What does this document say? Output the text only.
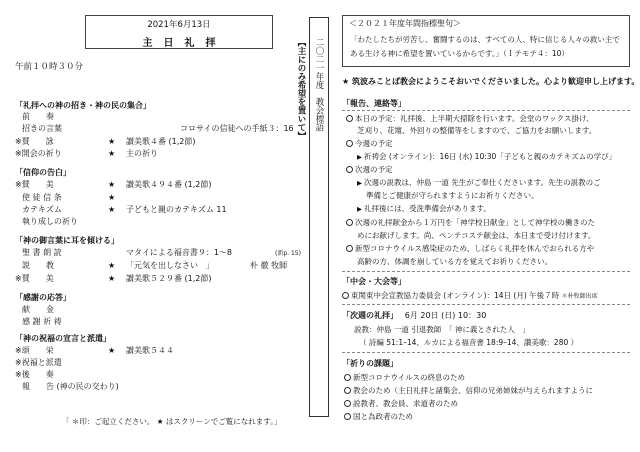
2021年6月13日
主日礼拝
午前１０時３０分
「礼拝への神の招き・神の民の集合」
前　　奏
招きの言葉	コロサイの信徒への手紙３：16
※賛　　詠	★ 讃美歌４番 (1,2節)
※開会の祈り	★ 主の祈り
「信仰の告白」
※賛　　美	★ 讃美歌４９４番 (1,2節)
使 徒 信 条	★
カテキズム	★ 子どもと親のカテキズム 11
執り成しの祈り
「神の御言葉に耳を傾ける」
聖 書 朗 読	マタイによる福音書９：1～8	(新p. 15)
説　　教	★ 「元気を出しなさい　」	朴 徹 牧師
※賛　　美	★ 讃美歌５２９番 (1,2節)
「感謝の応答」
献　　金
感 謝 祈 祷
「神の祝福の宣言と派遣」
※頌　　栄	★ 讃美歌５４４
※祝福と派遣
※後　　奏
報　　告 (神の民の交わり)
「 ＊印：ご起立ください。 ★ はスクリーンでご覧になれます。」
二〇二一年度　教会標語
【主にのみ希望を置いて】
＜２０２１年度年間指標聖句＞
「わたしたちが労苦し、奮闘するのは、すべての人、特に信じる人々の救い主である生ける神に希望を置いているからです。」（Ｉテモテ４：10）
★ 筑波みことば教会にようこそおいでくださいました。心より歓迎申し上げます。
「報告、連絡等」
本日の予定：礼拝後、上半期大掃除を行います。会堂のワックス掛け、
芝刈り、花壇、外回りの整備等をしますので、ご協力をお願いします。
今週の予定
▶ 祈祷会 (オンライン)：16日 (水) 10:30「子どもと親のカテキズムの学び」
次週の予定
▶ 次週の説教は、仲島 一道 先生がご奉仕くださいます。先生の説教のご
準備とご健康が守られますようにお祈りください。
▶ 礼拝後には、受洗準備会があります。
次週の礼拝献金から１万円を「神学校日献金」として神学校の働きのた
めにお献げします。尚、ペンテコステ献金は、本日まで受け付けます。
新型コロナウイルス感染症のため、しばらく礼拝を休んでおられる方や
高齢の方、体調を崩している方を覚えてお祈りください。
「中会・大会等」
東関東中会宣教協力委員会 (オンライン)：14日 (月) 午後７時 ＊朴牧師出席
「次週の礼拝」　 6月 20日 (日) 10：30
説教：仲島 一道 引退教師　「 神に義とされた人　」
（ 詩編 51:1–14、ルカによる福音書 18:9–14、讃美歌：280 ）
「祈りの課題」
新型コロナウイルスの終息のため
教会のため（主日礼拝と諸集会、信仰の兄弟姉妹が与えられますように
説教者、教会員、求道者のため
国と為政者のため
